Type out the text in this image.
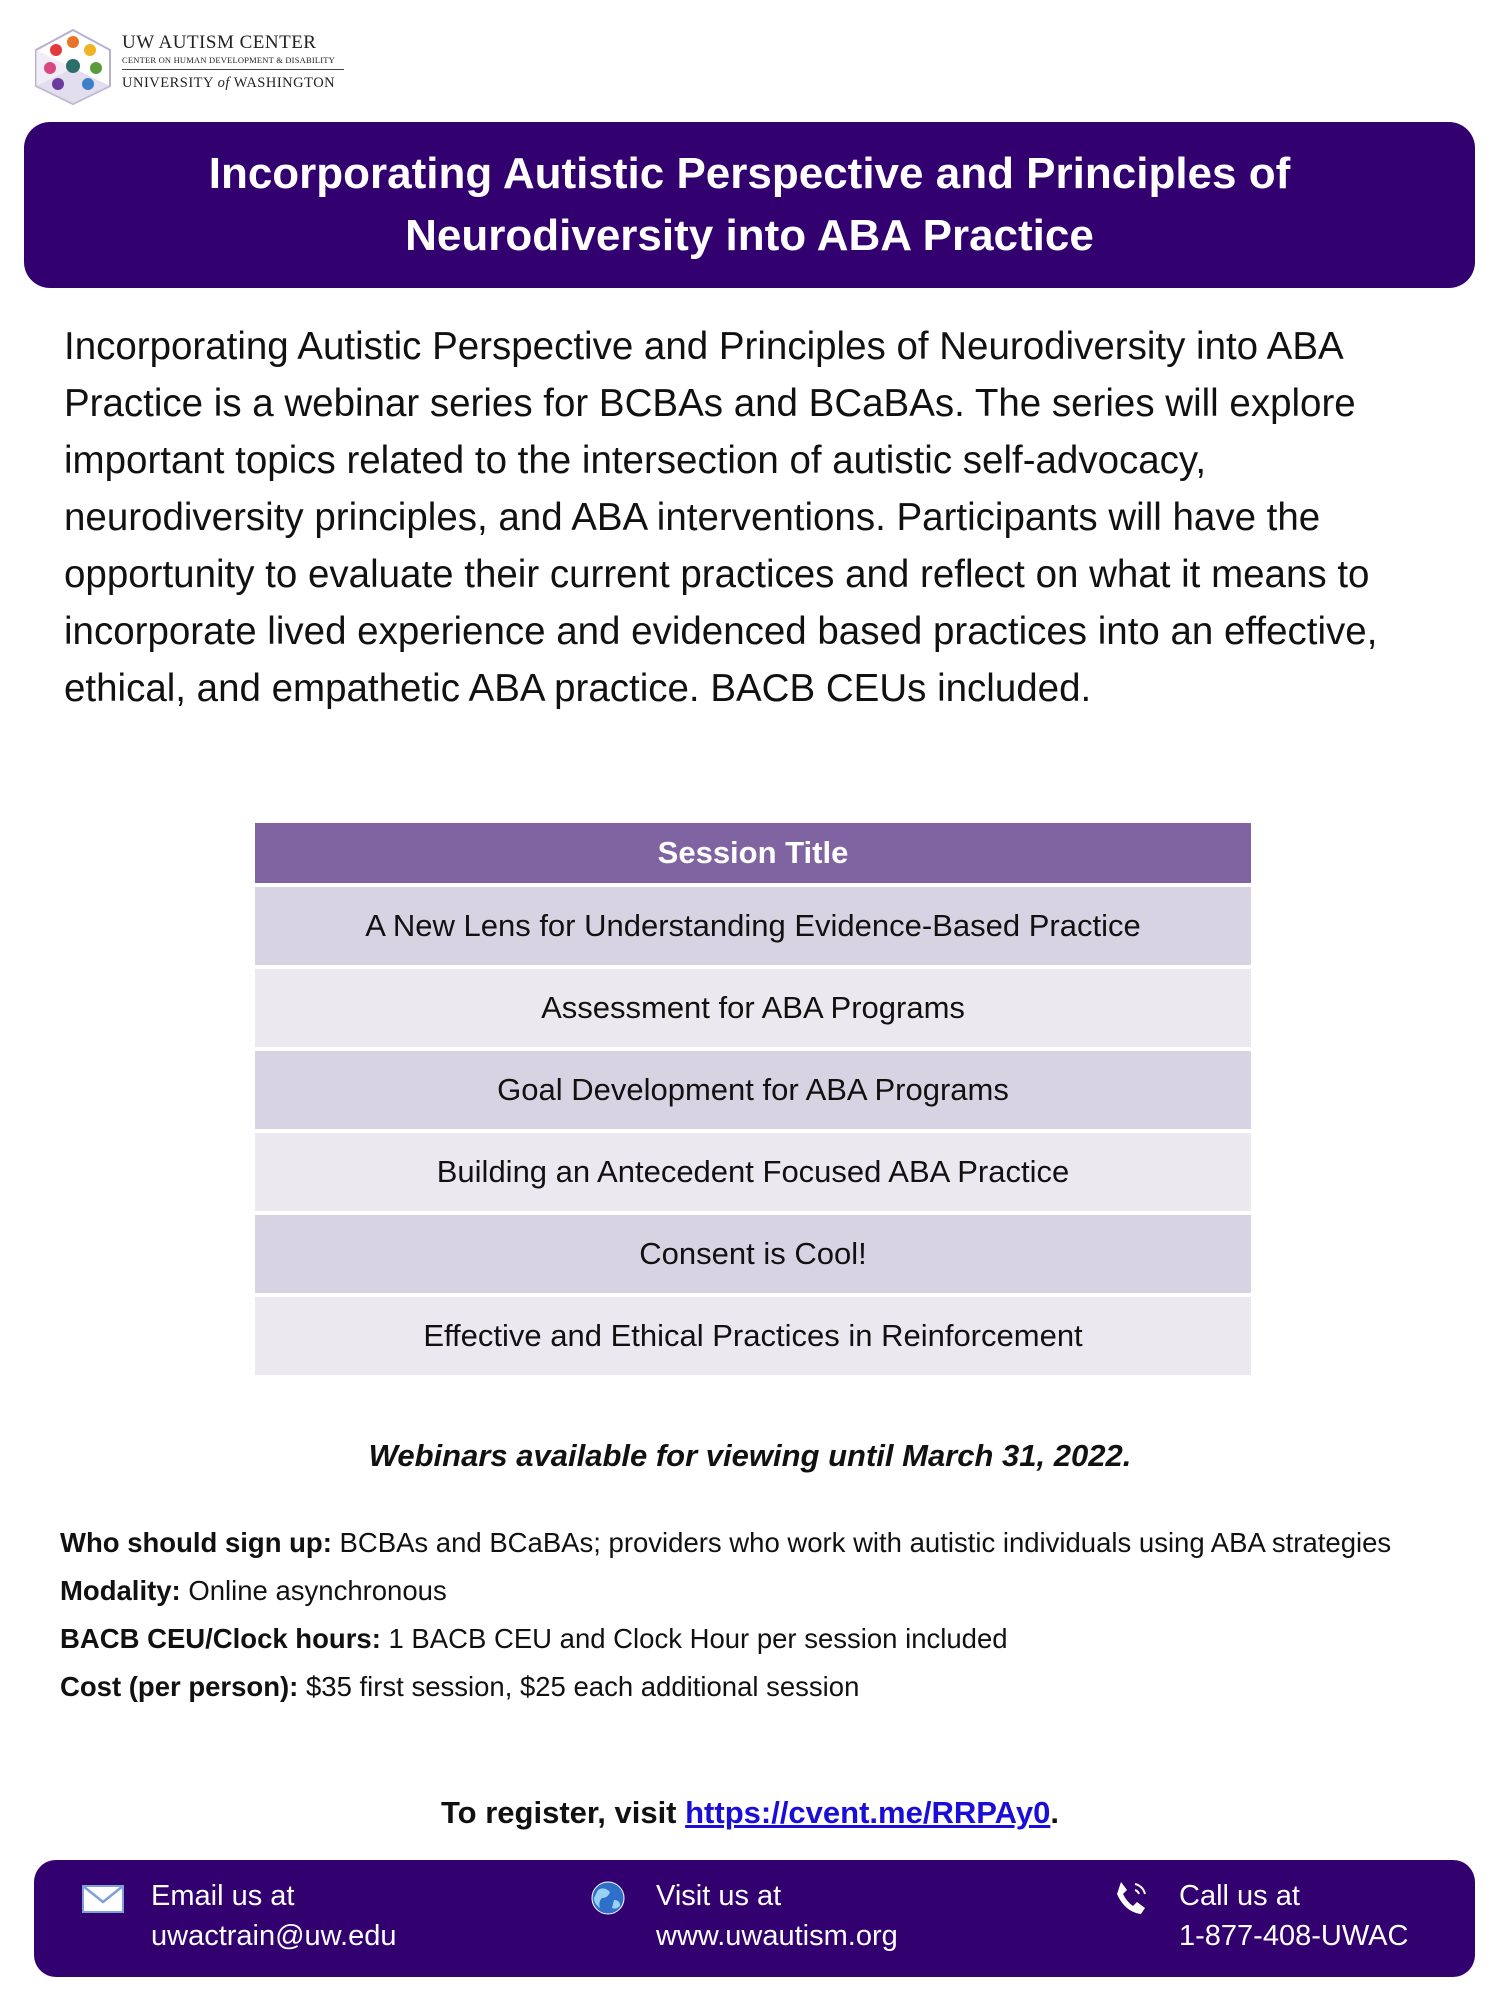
UW AUTISM CENTER
CENTER ON HUMAN DEVELOPMENT & DISABILITY
UNIVERSITY of WASHINGTON
Incorporating Autistic Perspective and Principles of Neurodiversity into ABA Practice

Incorporating Autistic Perspective and Principles of Neurodiversity into ABA Practice is a webinar series for BCBAs and BCaBAs. The series will explore important topics related to the intersection of autistic self-advocacy, neurodiversity principles, and ABA interventions. Participants will have the opportunity to evaluate their current practices and reflect on what it means to incorporate lived experience and evidenced based practices into an effective, ethical, and empathetic ABA practice. BACB CEUs included.

Session Title
A New Lens for Understanding Evidence-Based Practice
Assessment for ABA Programs
Goal Development for ABA Programs
Building an Antecedent Focused ABA Practice
Consent is Cool!
Effective and Ethical Practices in Reinforcement
Webinars available for viewing until March 31, 2022.
Who should sign up: BCBAs and BCaBAs; providers who work with autistic individuals using ABA strategies
Modality: Online asynchronous
BACB CEU/Clock hours: 1 BACB CEU and Clock Hour per session included
Cost (per person): $35 first session, $25 each additional session
To register, visit https://cvent.me/RRPAy0.
Email us at
uwactrain@uw.edu
Visit us at
www.uwautism.org
Call us at
1-877-408-UWAC
